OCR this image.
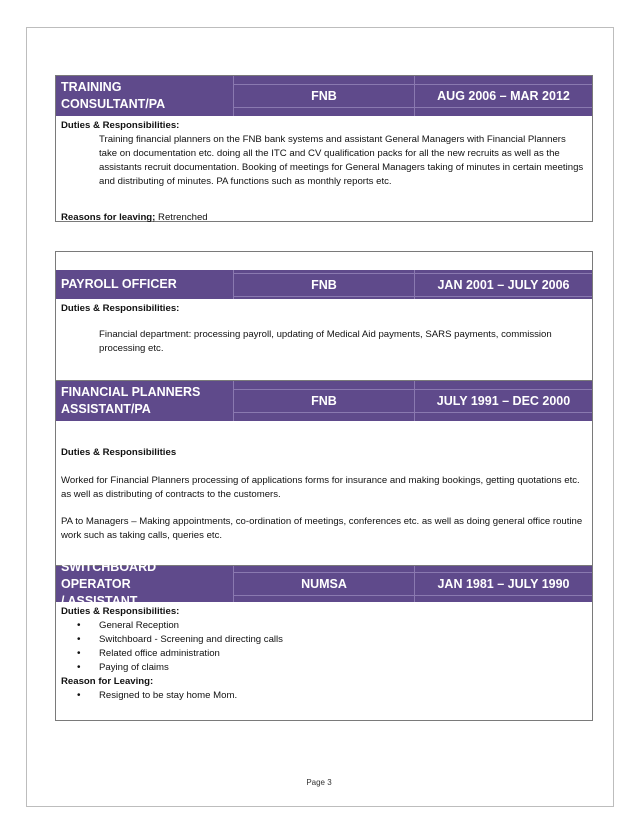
TRAINING
CONSULTANT/PA
FNB	AUG 2006 – MAR 2012
Duties & Responsibilities:
Training financial planners on the FNB bank systems and assistant General Managers with Financial Planners take on documentation etc. doing all the ITC and CV qualification packs for all the new recruits as well as the assistants recruit documentation. Booking of meetings for General Managers taking of minutes in certain meetings and distributing of minutes. PA functions such as monthly reports etc.
Reasons for leaving; Retrenched
PAYROLL OFFICER	FNB	JAN 2001 – JULY 2006
Duties & Responsibilities:
Financial department: processing payroll, updating of Medical Aid payments, SARS payments, commission processing etc.
FINANCIAL PLANNERS
ASSISTANT/PA
FNB	JULY 1991 – DEC 2000
Duties & Responsibilities
Worked for Financial Planners processing of applications forms for insurance and making bookings, getting quotations etc. as well as distributing of contracts to the customers.
PA to Managers – Making appointments, co-ordination of meetings, conferences etc. as well as doing general office routine work such as taking calls, queries etc.
SWITCHBOARD OPERATOR
/ ASSISTANT
NUMSA	JAN 1981 – JULY 1990
Duties & Responsibilities:
• General Reception
• Switchboard - Screening and directing calls
• Related office administration
• Paying of claims
Reason for Leaving:
• Resigned to be stay home Mom.
Page 3
